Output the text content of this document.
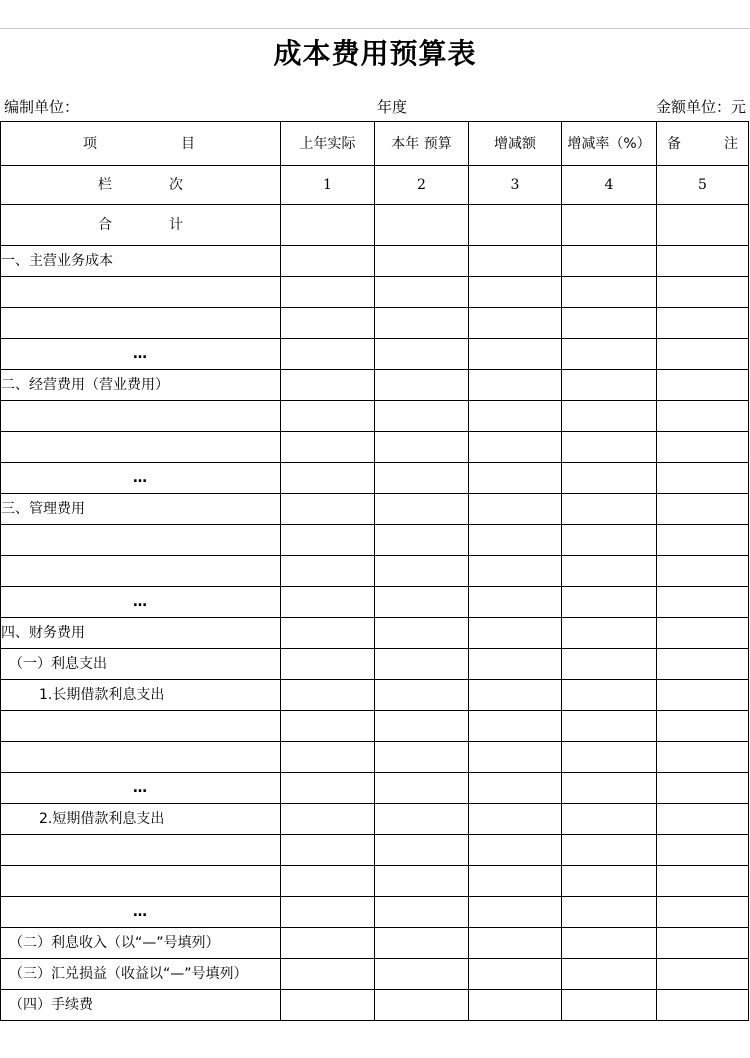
成本费用预算表
编制单位：	年度	金额单位：元
项 目	上年实际	本年 预算	增减额	增减率（%）	备 注

栏 次	1	2	3	4	5
合 计					
一、主营业务成本					

…					
二、经营费用（营业费用）					

…					
三、管理费用					

…					
四、财务费用					
（一）利息支出					
1.长期借款利息支出					

…					
2.短期借款利息支出					

…					
（二）利息收入（以“—”号填列）					
（三）汇兑损益（收益以“—”号填列）					
（四）手续费					
